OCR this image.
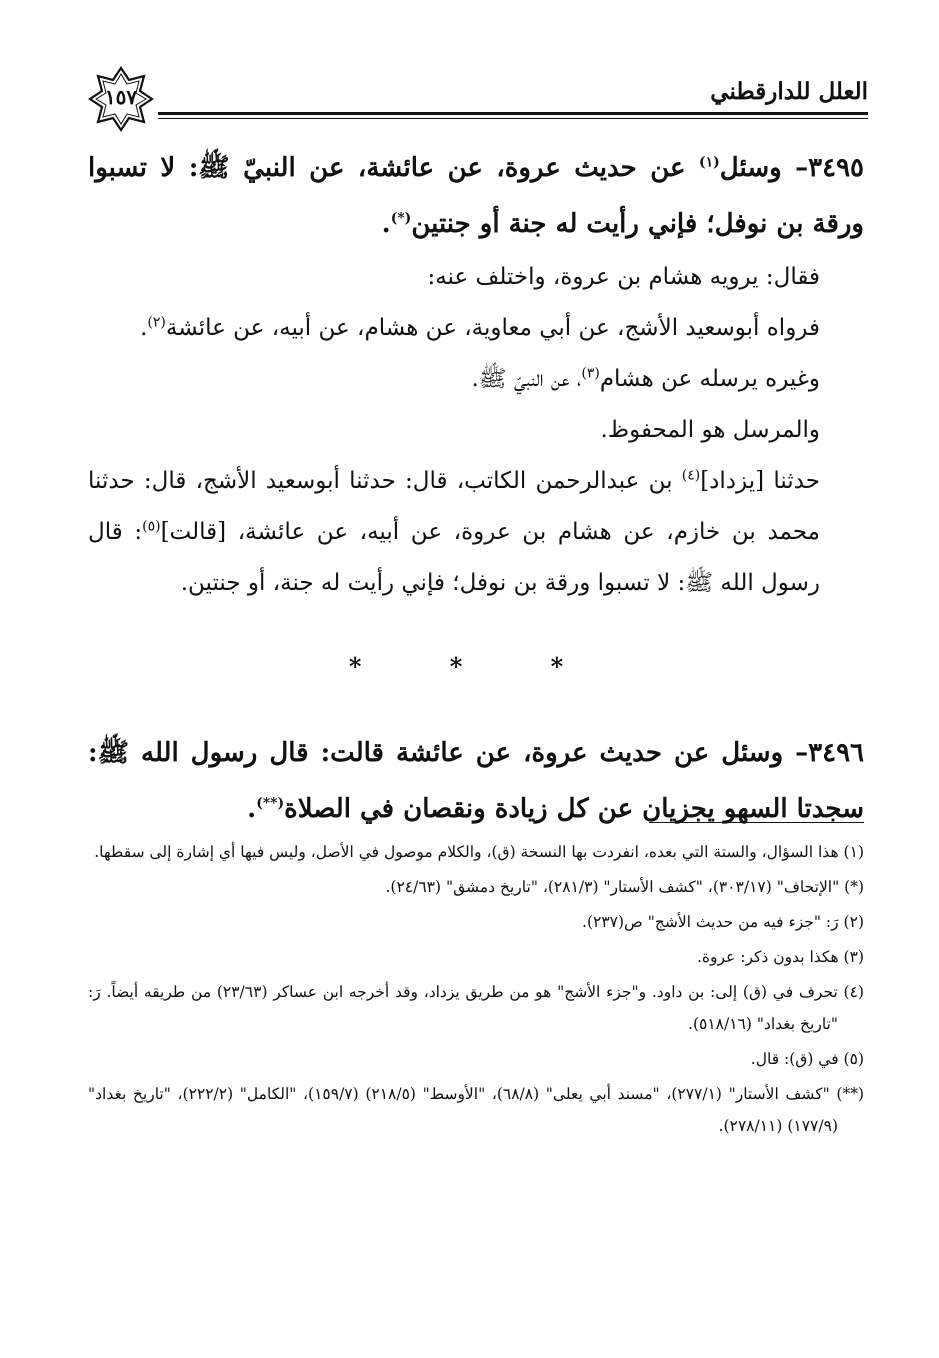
العلل للدارقطني
١٥٧

٣٤٩٥– وسئل$^{(١)}$ عن حديث عروة، عن عائشة، عن النبيّ ﷺ: لا تسبوا ورقة بن نوفل؛ فإني رأيت له جنة أو جنتين(*).

فقال: يرويه هشام بن عروة، واختلف عنه:

فرواه أبوسعيد الأشج، عن أبي معاوية، عن هشام، عن أبيه، عن عائشة$^{(٢)}$.

وغيره يرسله عن هشام$^{(٣)}$، عن النبيّ ﷺ.

والمرسل هو المحفوظ.

حدثنا [يزداد]$^{(٤)}$ بن عبدالرحمن الكاتب، قال: حدثنا أبوسعيد الأشج، قال: حدثنا محمد بن خازم، عن هشام بن عروة، عن أبيه، عن عائشة، [قالت]$^{(٥)}$: قال رسول الله ﷺ: لا تسبوا ورقة بن نوفل؛ فإني رأيت له جنة، أو جنتين.

* * *

٣٤٩٦– وسئل عن حديث عروة، عن عائشة قالت: قال رسول الله ﷺ: سجدتا السهو يجزيان عن كل زيادة ونقصان في الصلاة(**).

(١) هذا السؤال، والستة التي بعده، انفردت بها النسخة (ق)، والكلام موصول في الأصل، وليس فيها أي إشارة إلى سقطها.

(*) "الإتحاف" (٣٠٣/١٧)، "كشف الأستار" (٢٨١/٣)، "تاريخ دمشق" (٢٤/٦٣).

(٢) رَ: "جزء فيه من حديث الأشج" ص(٢٣٧).

(٣) هكذا بدون ذكر: عروة.

(٤) تحرف في (ق) إلى: بن داود. و"جزء الأشج" هو من طريق يزداد، وقد أخرجه ابن عساكر (٢٣/٦٣) من طريقه أيضاً. رَ: "تاريخ بغداد" (٥١٨/١٦).

(٥) في (ق): قال.

(**) "كشف الأستار" (٢٧٧/١)، "مسند أبي يعلى" (٦٨/٨)، "الأوسط" (٢١٨/٥) (١٥٩/٧)، "الكامل" (٢٢٢/٢)، "تاريخ بغداد" (١٧٧/٩) (٢٧٨/١١).
